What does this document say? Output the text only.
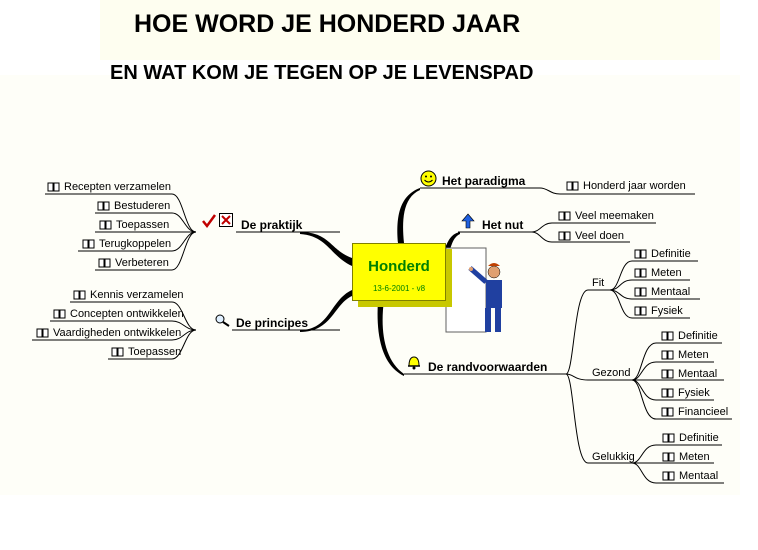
HOE WORD JE HONDERD JAAR
EN WAT KOM JE TEGEN OP JE LEVENSPAD
Honderd
13-6-2001 - v8
De praktijk
Recepten verzamelen
Bestuderen
Toepassen
Terugkoppelen
Verbeteren
De principes
Kennis verzamelen
Concepten ontwikkelen
Vaardigheden ontwikkelen
Toepassen
Het paradigma	Honderd jaar worden
Het nut
Veel meemaken
Veel doen
De randvoorwaarden
Fit
Definitie
Meten
Mentaal
Fysiek
Gezond
Definitie
Meten
Mentaal
Fysiek
Financieel
Gelukkig
Definitie
Meten
Mentaal
